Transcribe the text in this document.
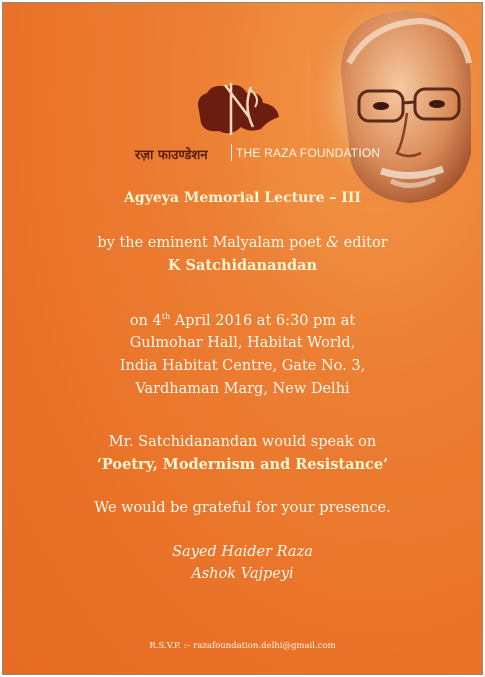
रज़ा फाउण्डेशन THE RAZA FOUNDATION
Agyeya Memorial Lecture – III
by the eminent Malyalam poet & editor
K Satchidanandan
on 4th April 2016 at 6:30 pm at
Gulmohar Hall, Habitat World,
India Habitat Centre, Gate No. 3,
Vardhaman Marg, New Delhi
Mr. Satchidanandan would speak on
‘Poetry, Modernism and Resistance’
We would be grateful for your presence.
Sayed Haider Raza
Ashok Vajpeyi
R.S.V.P. :– razafoundation.delhi@gmail.com
